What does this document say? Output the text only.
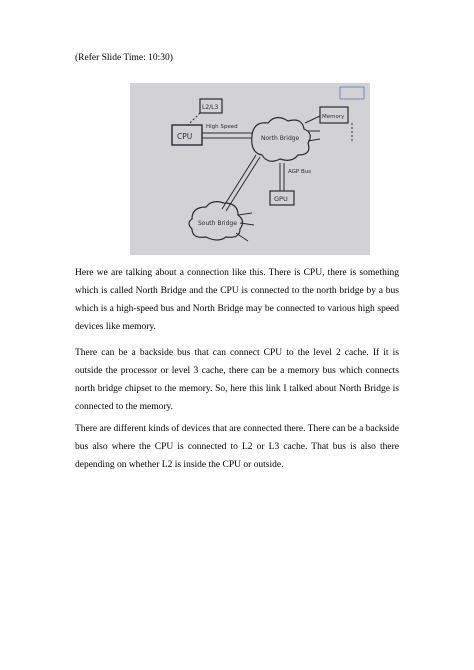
(Refer Slide Time: 10:30)
L2/L3
CPU
High Speed
North Bridge
Memory
AGP Bus
GPU
South Bridge

Here we are talking about a connection like this. There is CPU, there is something which is called North Bridge and the CPU is connected to the north bridge by a bus which is a high-speed bus and North Bridge may be connected to various high speed devices like memory.

There can be a backside bus that can connect CPU to the level 2 cache. If it is outside the processor or level 3 cache, there can be a memory bus which connects north bridge chipset to the memory. So, here this link I talked about North Bridge is connected to the memory.

There are different kinds of devices that are connected there. There can be a backside bus also where the CPU is connected to L2 or L3 cache. That bus is also there depending on whether L2 is inside the CPU or outside.
